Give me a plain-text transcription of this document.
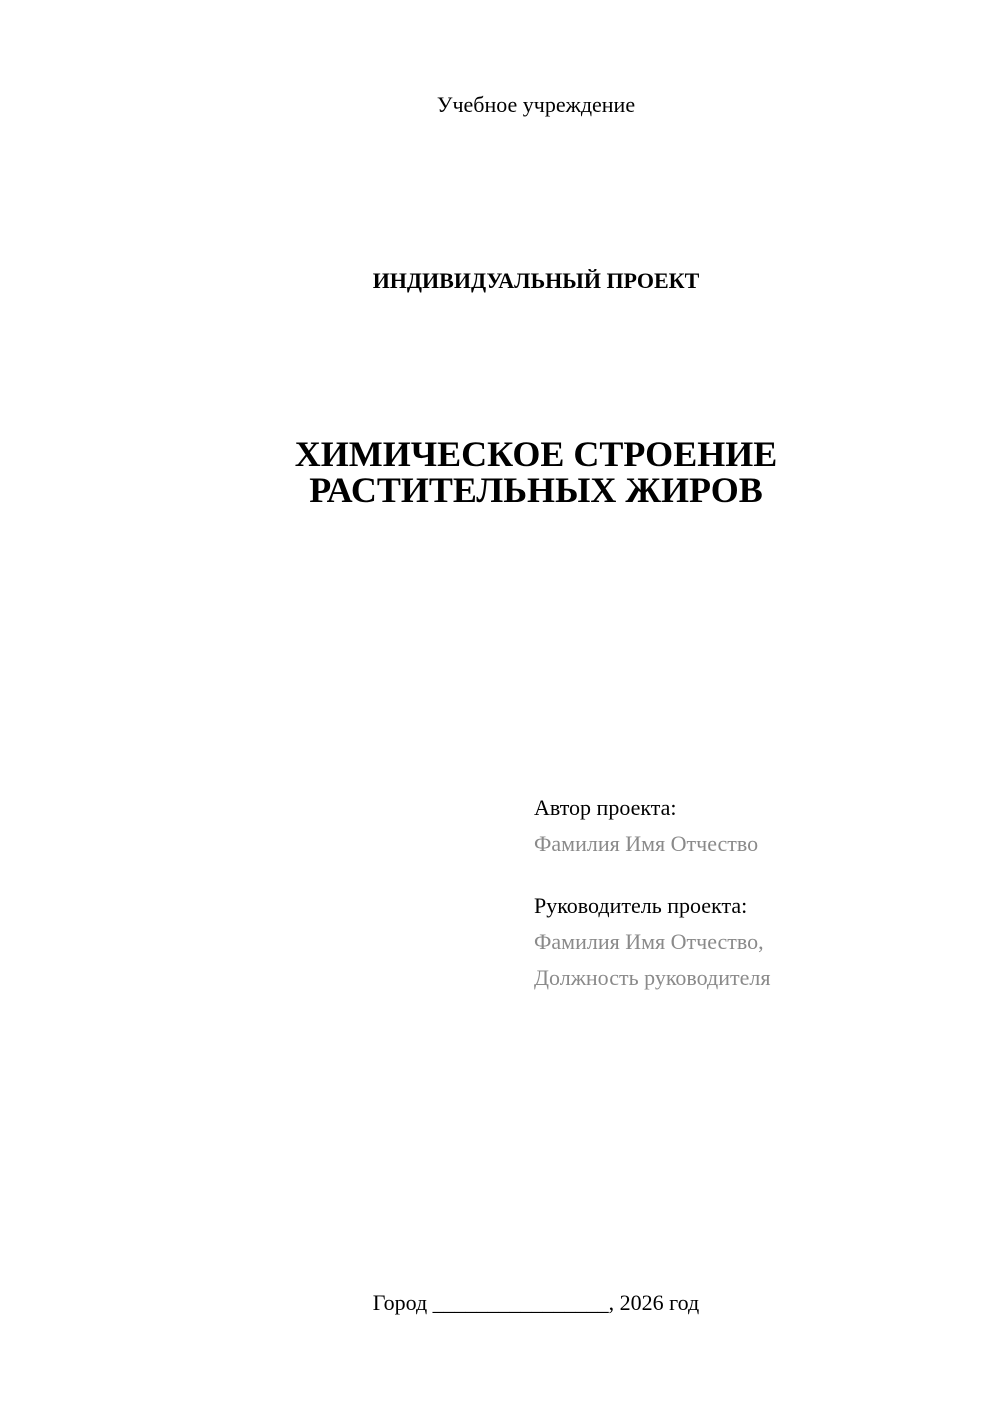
Учебное учреждение
ИНДИВИДУАЛЬНЫЙ ПРОЕКТ
ХИМИЧЕСКОЕ СТРОЕНИЕ
РАСТИТЕЛЬНЫХ ЖИРОВ
Автор проекта:
Фамилия Имя Отчество
Руководитель проекта:
Фамилия Имя Отчество,
Должность руководителя
Город ________________, 2026 год
